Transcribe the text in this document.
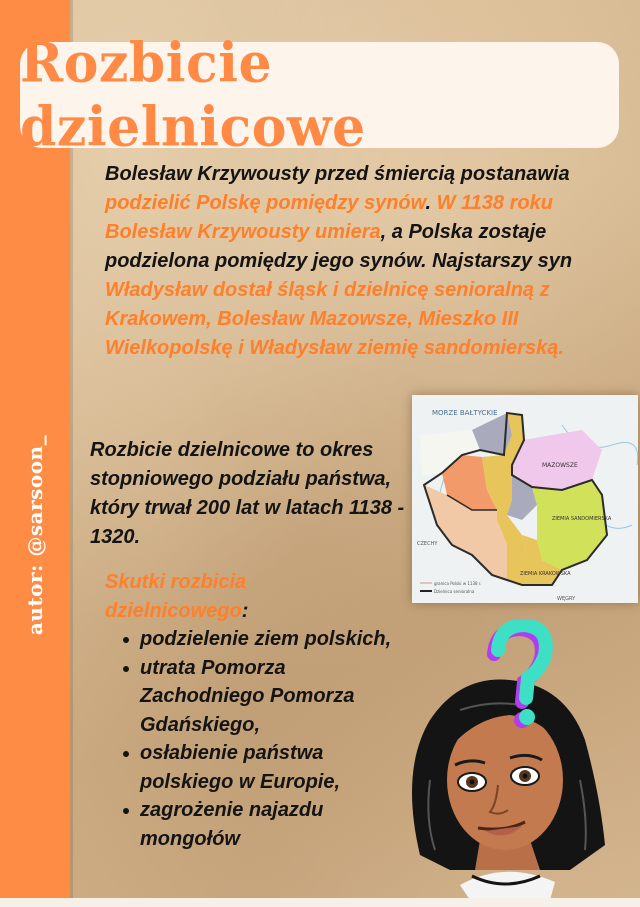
autor: @sarsoon_
Rozbicie dzielnicowe

Bolesław Krzywousty przed śmiercią postanawia podzielić Polskę pomiędzy synów. W 1138 roku Bolesław Krzywousty umiera, a Polska zostaje podzielona pomiędzy jego synów. Najstarszy syn Władysław dostał śląsk i dzielnicę senioralną z Krakowem, Bolesław Mazowsze, Mieszko III Wielkopolskę i Władysław ziemię sandomierską.

Rozbicie dzielnicowe to okres stopniowego podziału państwa, który trwał 200 lat w latach 1138 - 1320.

MORZE BAŁTYCKIE
MAZOWSZE
ZIEMIA SANDOMIERSKA
ZIEMIA KRAKOWSKA
CZECHY
WĘGRY
granica Polski w 1138 r.
Dzielnica senioralna
Skutki rozbicia dzielnicowego:
podzielenie ziem polskich,
utrata Pomorza Zachodniego Pomorza Gdańskiego,
osłabienie państwa polskiego w Europie,
zagrożenie najazdu mongołów
